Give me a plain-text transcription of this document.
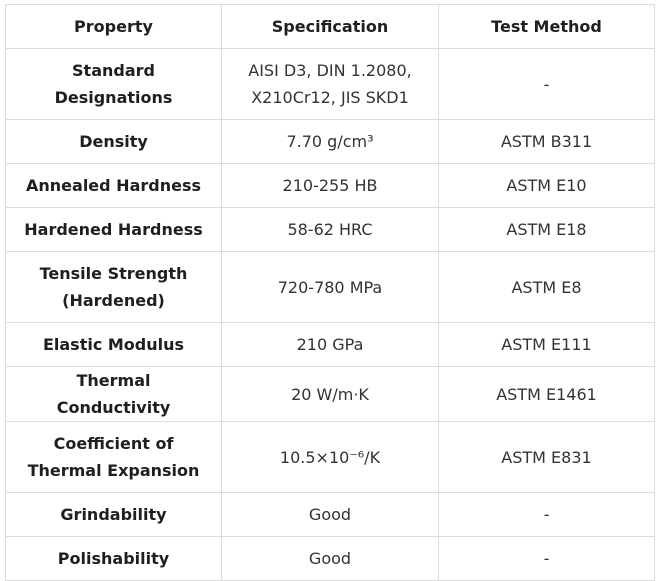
Property	Specification	Test Method
Standard Designations	AISI D3, DIN 1.2080, X210Cr12, JIS SKD1	-
Density	7.70 g/cm³	ASTM B311
Annealed Hardness	210-255 HB	ASTM E10
Hardened Hardness	58-62 HRC	ASTM E18
Tensile Strength (Hardened)	720-780 MPa	ASTM E8
Elastic Modulus	210 GPa	ASTM E111
Thermal Conductivity	20 W/m·K	ASTM E1461
Coefficient of Thermal Expansion	10.5×10⁻⁶/K	ASTM E831
Grindability	Good	-
Polishability	Good	-
